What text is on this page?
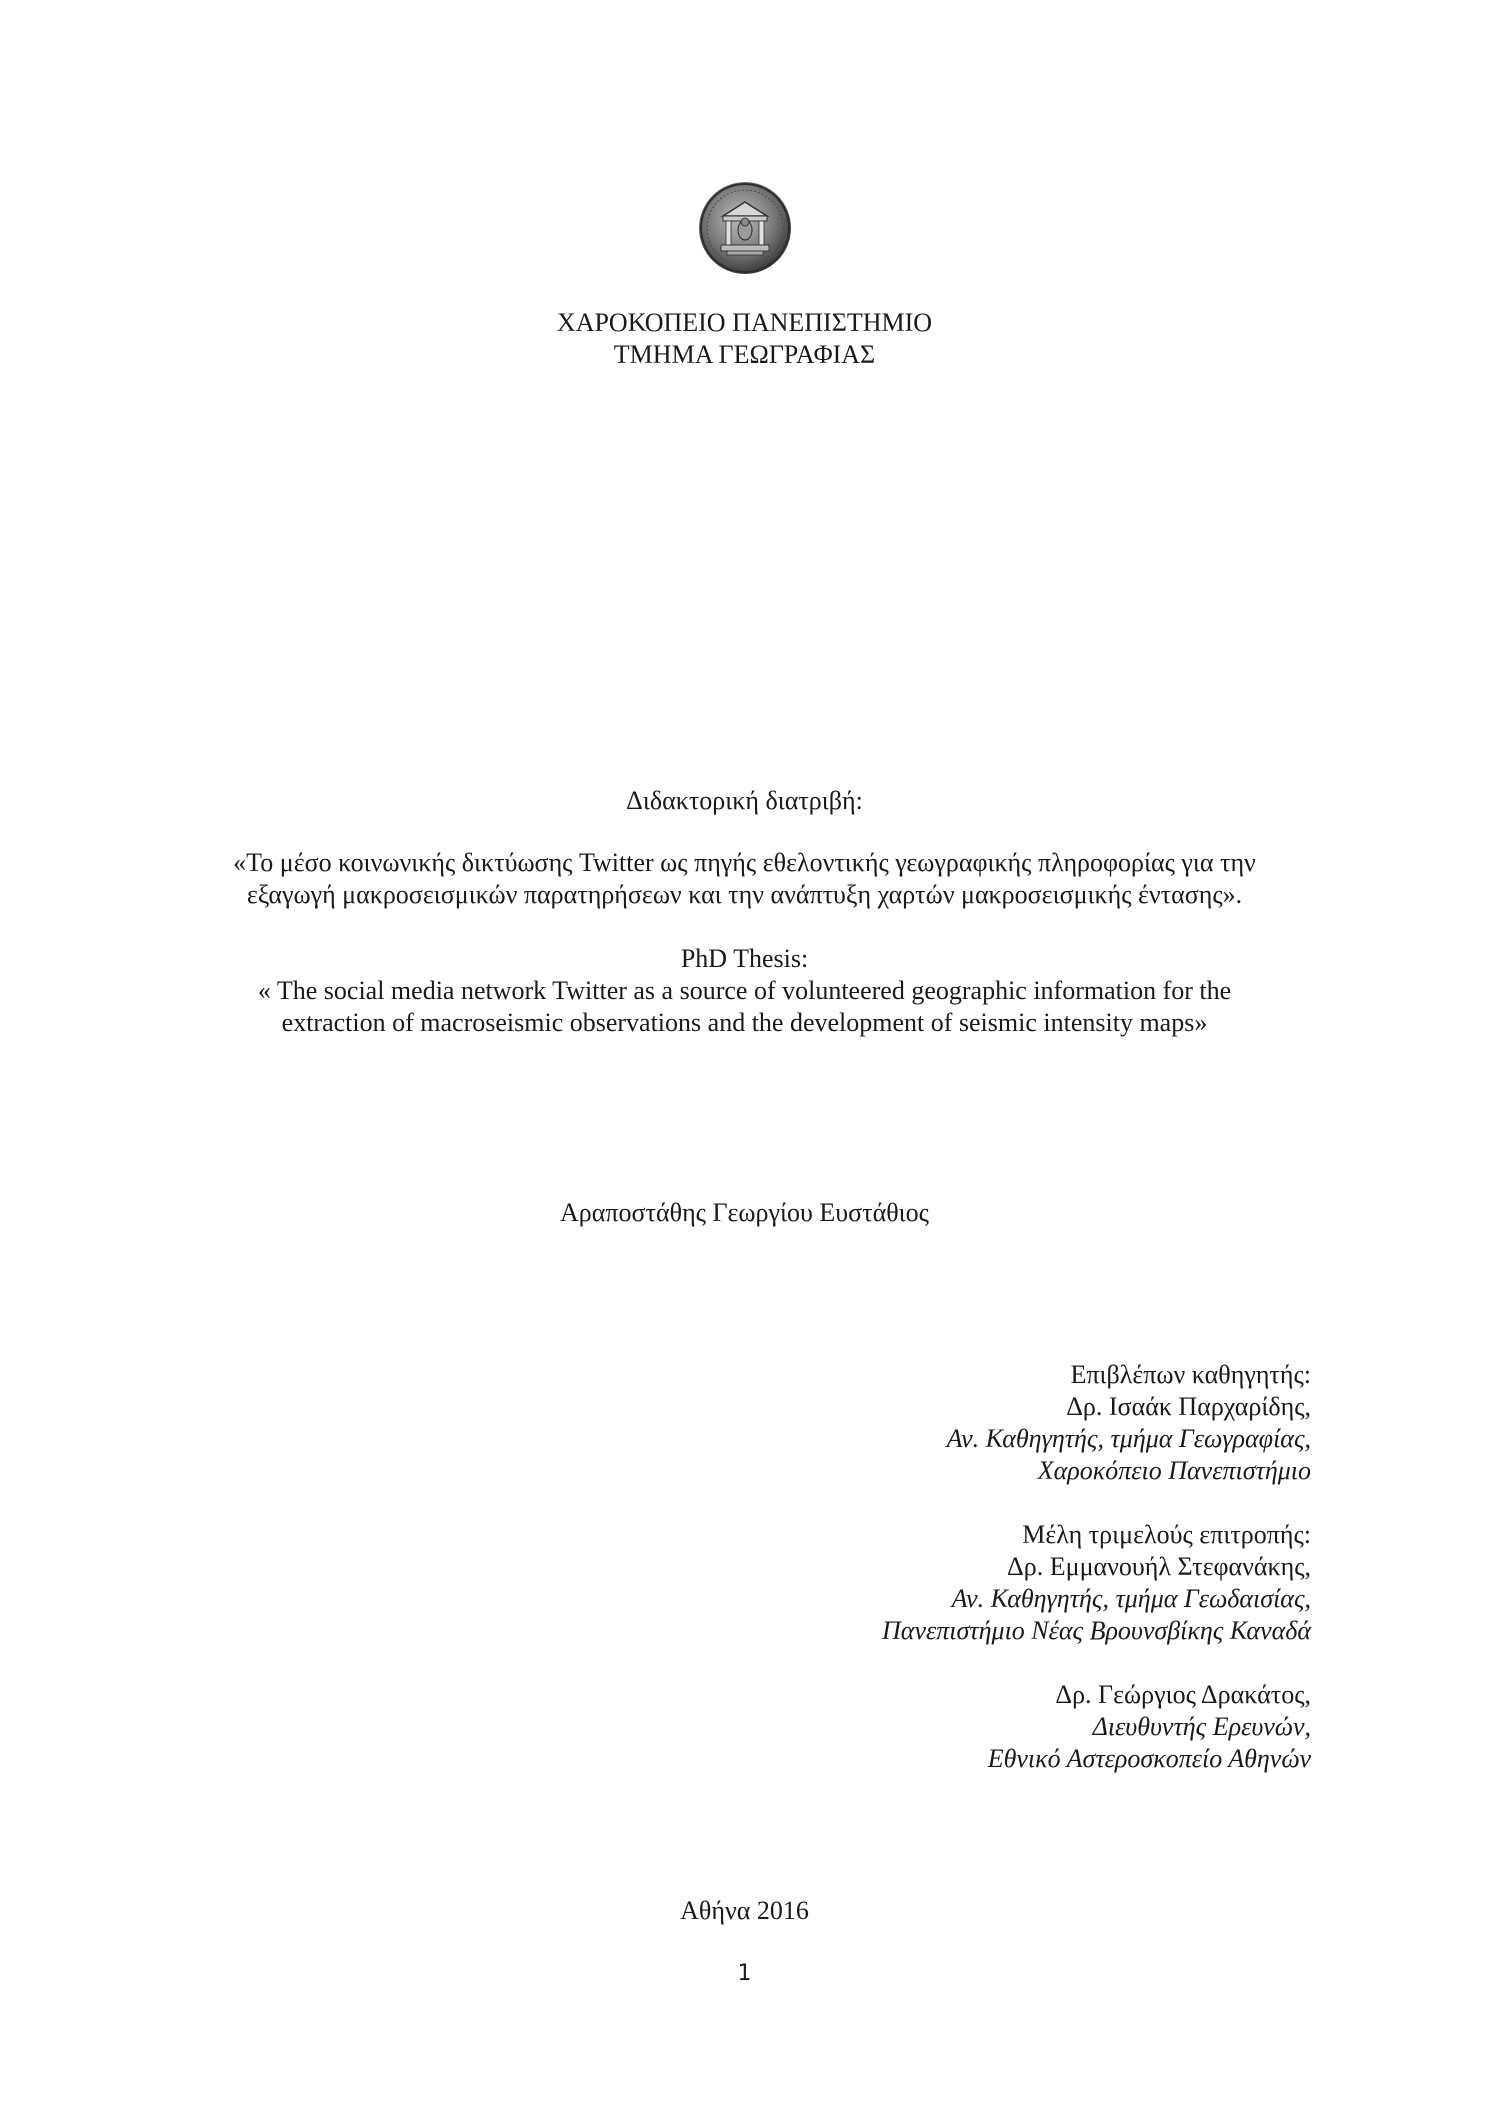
ΧΑΡΟΚΟΠΕΙΟ ΠΑΝΕΠΙΣΤΗΜΙΟ
ΤΜΗΜΑ ΓΕΩΓΡΑΦΙΑΣ
Διδακτορική διατριβή:
«Το μέσο κοινωνικής δικτύωσης Twitter ως πηγής εθελοντικής γεωγραφικής πληροφορίας για την
εξαγωγή μακροσεισμικών παρατηρήσεων και την ανάπτυξη χαρτών μακροσεισμικής έντασης».
PhD Thesis:
« The social media network Twitter as a source of volunteered geographic information for the
extraction of macroseismic observations and the development of seismic intensity maps»
Αραποστάθης Γεωργίου Ευστάθιος
Επιβλέπων καθηγητής:
Δρ. Ισαάκ Παρχαρίδης,
Αν. Καθηγητής, τμήμα Γεωγραφίας,
Χαροκόπειο Πανεπιστήμιο
Μέλη τριμελούς επιτροπής:
Δρ. Εμμανουήλ Στεφανάκης,
Αν. Καθηγητής, τμήμα Γεωδαισίας,
Πανεπιστήμιο Νέας Βρουνσβίκης Καναδά
Δρ. Γεώργιος Δρακάτος,
Διευθυντής Ερευνών,
Εθνικό Αστεροσκοπείο Αθηνών
Αθήνα 2016
1
